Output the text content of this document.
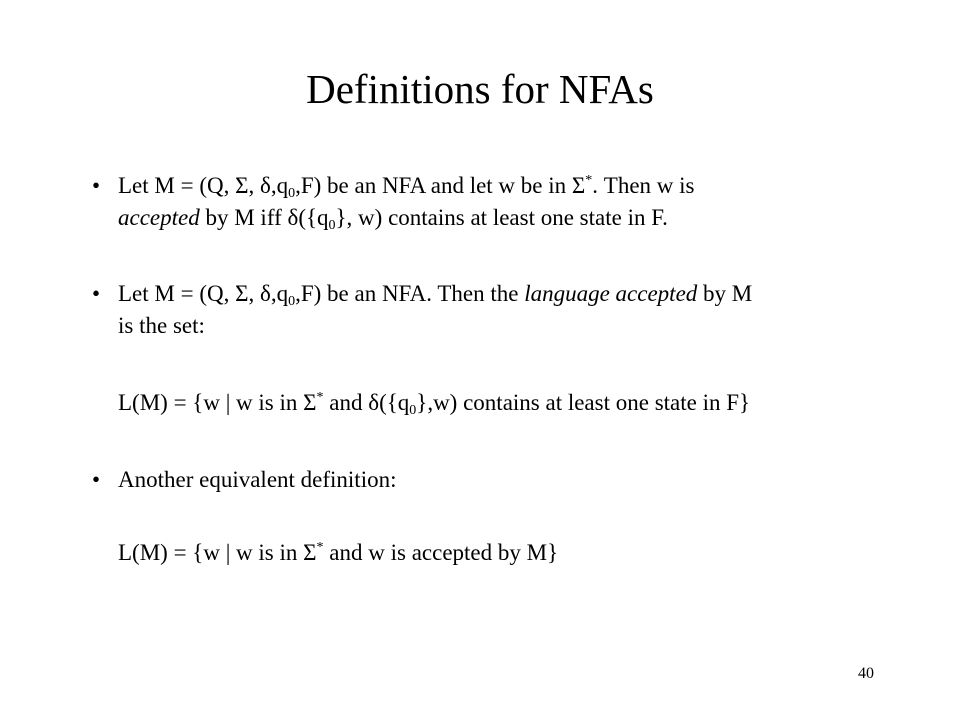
Definitions for NFAs
• Let M = (Q, Σ, $\delta,q_0,F$) be an NFA and let w be in Σ*. Then w is
accepted by M iff $\delta(\{q_0\}$, w) contains at least one state in F.
• Let M = (Q, Σ, $\delta,q_0,F$) be an NFA. Then the language accepted by M
is the set:
L(M) = {w | w is in Σ* and $\delta(\{q_0\},w)$ contains at least one state in F}
• Another equivalent definition:
L(M) = {w | w is in Σ* and w is accepted by M}
40
